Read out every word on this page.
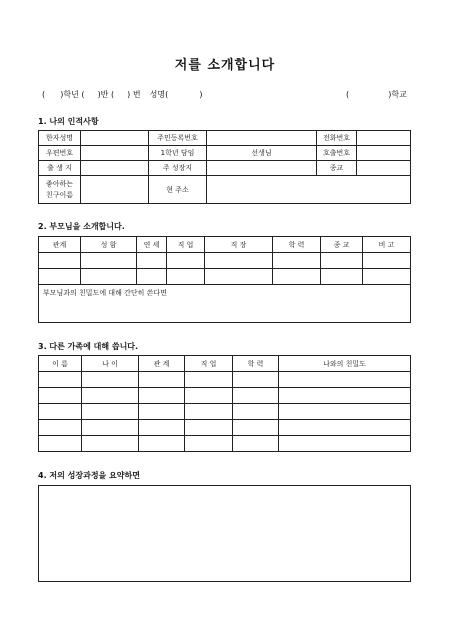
저를 소개합니다
( )학년 ( )반 ( ) 번 성명(	)	(	)학교
1. 나의 인적사항
한자성명		주민등록번호		전화번호	
우편번호		1학년 담임	선생님	호출번호	
출 생 지		주 성장지		종교	
좋아하는
친구이름		현 주소			
2. 부모님을 소개합니다.
관계	성 함	연 세	직 업	직 장	학 력	종 교	비 고

부모님과의 친밀도에 대해 간단히 쓴다면							
3. 다른 가족에 대해 씁니다.
이 름	나 이	관 계	직 업	학 력	나와의 친밀도

4. 저의 성장과정을 요약하면
